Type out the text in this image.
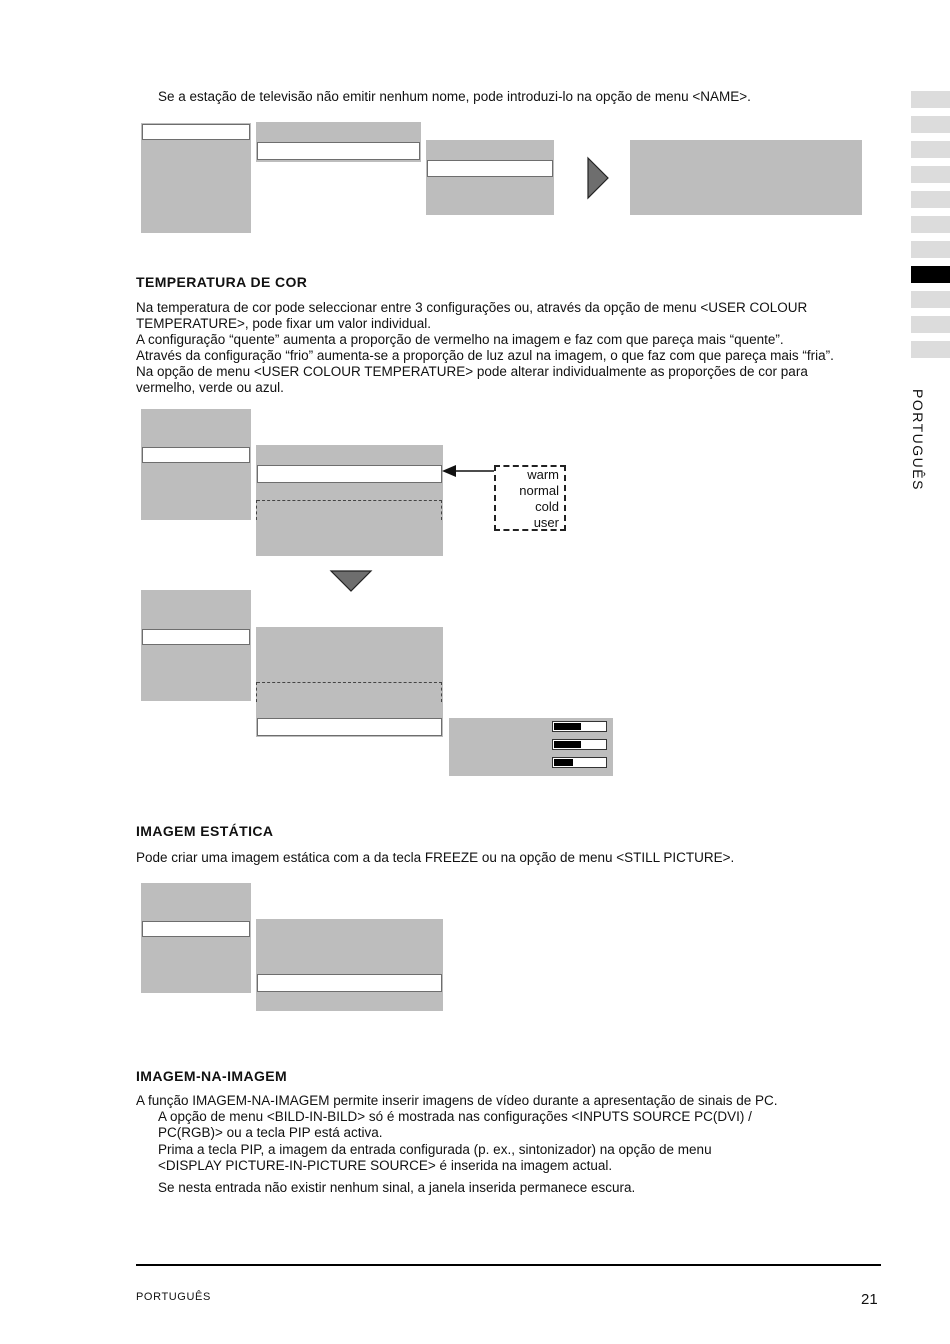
Se a estação de televisão não emitir nenhum nome, pode introduzi-lo na opção de menu <NAME>.
TEMPERATURA DE COR
Na temperatura de cor pode seleccionar entre 3 configurações ou, através da opção de menu <USER COLOUR
TEMPERATURE>, pode fixar um valor individual.
A configuração “quente” aumenta a proporção de vermelho na imagem e faz com que pareça mais “quente”.
Através da configuração “frio” aumenta-se a proporção de luz azul na imagem, o que faz com que pareça mais “fria”.
Na opção de menu <USER COLOUR TEMPERATURE> pode alterar individualmente as proporções de cor para
vermelho, verde ou azul.
warm
normal
cold
user
IMAGEM ESTÁTICA
Pode criar uma imagem estática com a da tecla FREEZE ou na opção de menu <STILL PICTURE>.
IMAGEM-NA-IMAGEM
A função IMAGEM-NA-IMAGEM permite inserir imagens de vídeo durante a apresentação de sinais de PC.
A opção de menu <BILD-IN-BILD> só é mostrada nas configurações <INPUTS SOURCE PC(DVI) /
PC(RGB)> ou a tecla PIP está activa.
Prima a tecla PIP, a imagem da entrada configurada (p. ex., sintonizador) na opção de menu
<DISPLAY PICTURE-IN-PICTURE SOURCE> é inserida na imagem actual.
Se nesta entrada não existir nenhum sinal, a janela inserida permanece escura.
PORTUGUÊS
PORTUGUÊS	21
